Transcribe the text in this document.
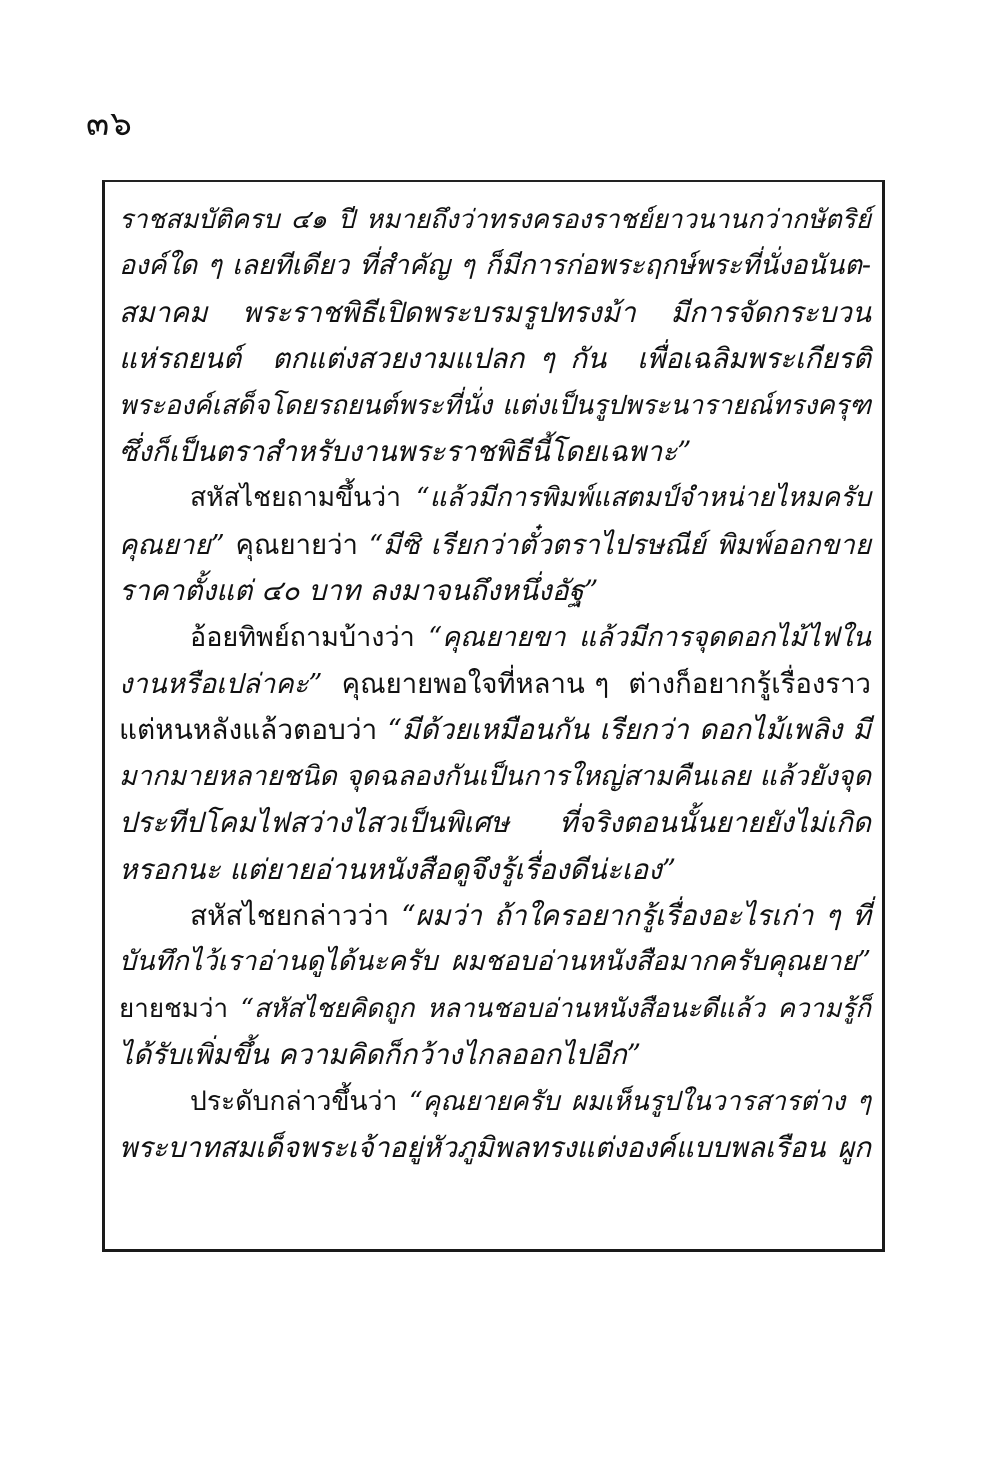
๓๖
ราชสมบัติครบ ๔๑ ปี หมายถึงว่าทรงครองราชย์ยาวนานกว่ากษัตริย์
องค์ใด ๆ เลยทีเดียว ที่สำคัญ ๆ ก็มีการก่อพระฤกษ์พระที่นั่งอนันต-
สมาคม  พระราชพิธีเปิดพระบรมรูปทรงม้า  มีการจัดกระบวน
แห่รถยนต์  ตกแต่งสวยงามแปลก ๆ กัน  เพื่อเฉลิมพระเกียรติ
พระองค์เสด็จโดยรถยนต์พระที่นั่ง แต่งเป็นรูปพระนารายณ์ทรงครุฑ
ซึ่งก็เป็นตราสำหรับงานพระราชพิธีนี้โดยเฉพาะ”
สหัสไชยถามขึ้นว่า “แล้วมีการพิมพ์แสตมป์จำหน่ายไหมครับ
คุณยาย” คุณยายว่า “มีซิ เรียกว่าตั๋วตราไปรษณีย์ พิมพ์ออกขาย
ราคาตั้งแต่ ๔๐ บาท ลงมาจนถึงหนึ่งอัฐ”
อ้อยทิพย์ถามบ้างว่า “คุณยายขา แล้วมีการจุดดอกไม้ไฟใน
งานหรือเปล่าคะ”  คุณยายพอใจที่หลาน ๆ  ต่างก็อยากรู้เรื่องราว
แต่หนหลังแล้วตอบว่า “มีด้วยเหมือนกัน เรียกว่า ดอกไม้เพลิง มี
มากมายหลายชนิด จุดฉลองกันเป็นการใหญ่สามคืนเลย แล้วยังจุด
ประทีปโคมไฟสว่างไสวเป็นพิเศษ   ที่จริงตอนนั้นยายยังไม่เกิด
หรอกนะ แต่ยายอ่านหนังสือดูจึงรู้เรื่องดีน่ะเอง”
สหัสไชยกล่าวว่า “ผมว่า ถ้าใครอยากรู้เรื่องอะไรเก่า ๆ ที่
บันทึกไว้เราอ่านดูได้นะครับ ผมชอบอ่านหนังสือมากครับคุณยาย”
ยายชมว่า “สหัสไชยคิดถูก หลานชอบอ่านหนังสือนะดีแล้ว ความรู้ก็
ได้รับเพิ่มขึ้น ความคิดก็กว้างไกลออกไปอีก”
ประดับกล่าวขึ้นว่า “คุณยายครับ ผมเห็นรูปในวารสารต่าง ๆ
พระบาทสมเด็จพระเจ้าอยู่หัวภูมิพลทรงแต่งองค์แบบพลเรือน ผูก
